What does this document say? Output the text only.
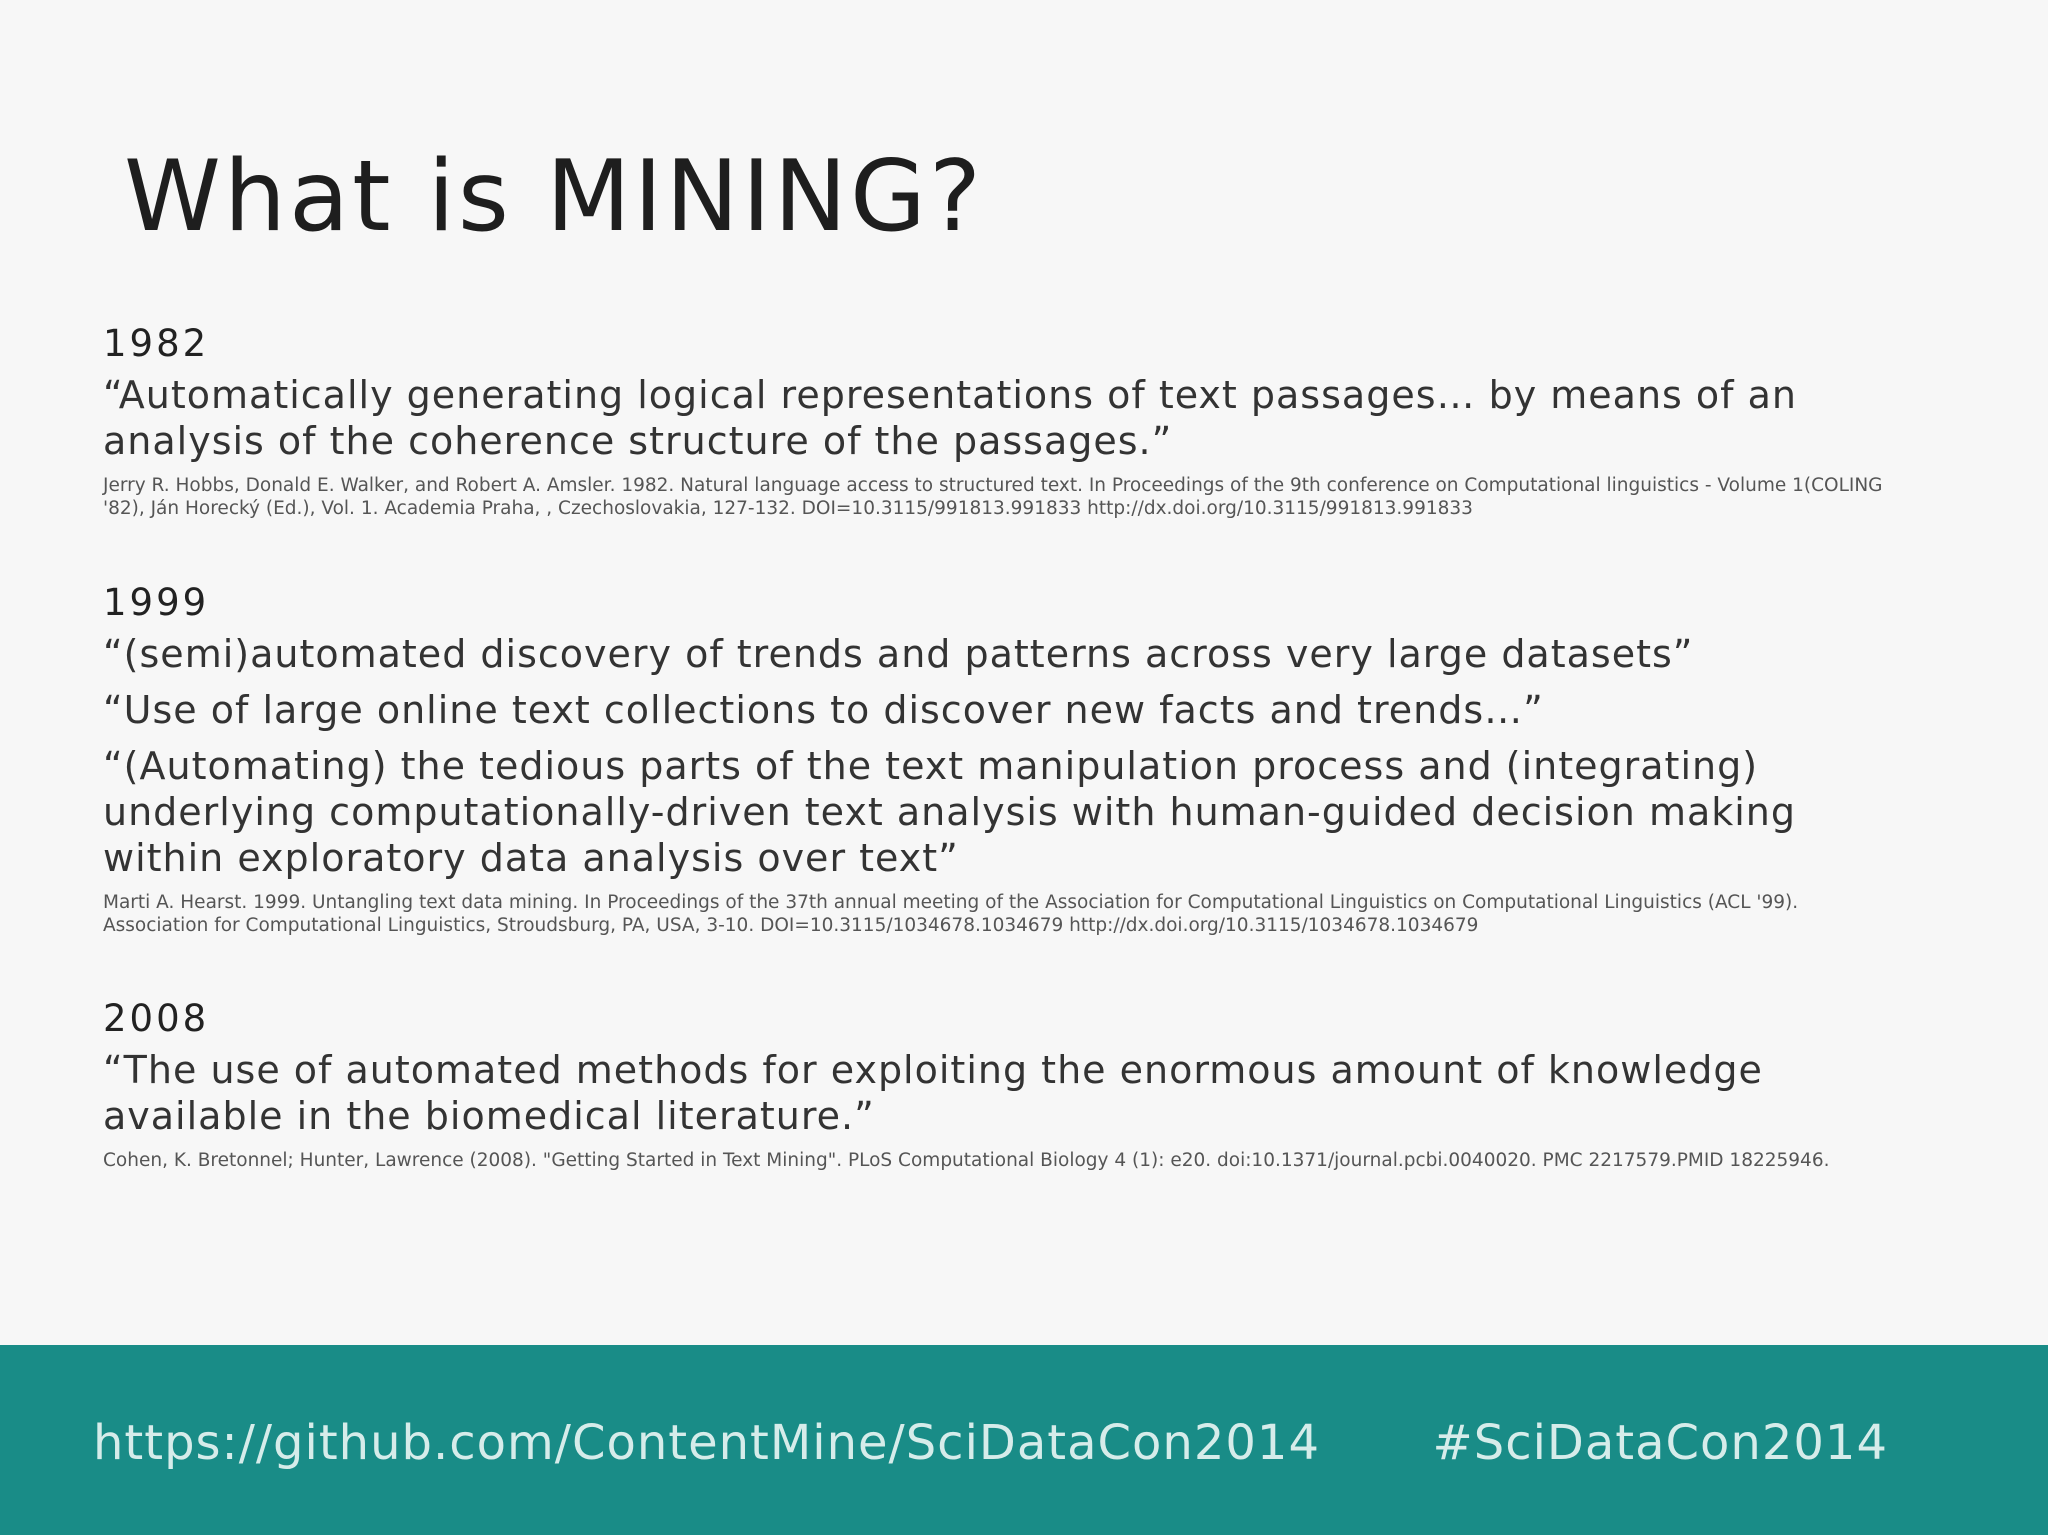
What is MINING?

1982

“Automatically generating logical representations of text passages… by means of an analysis of the coherence structure of the passages.”

Jerry R. Hobbs, Donald E. Walker, and Robert A. Amsler. 1982. Natural language access to structured text. In Proceedings of the 9th conference on Computational linguistics - Volume 1(COLING '82), Ján Horecký (Ed.), Vol. 1. Academia Praha, , Czechoslovakia, 127-132. DOI=10.3115/991813.991833 http://dx.doi.org/10.3115/991813.991833

1999

“(semi)automated discovery of trends and patterns across very large datasets”

“Use of large online text collections to discover new facts and trends…”

“(Automating) the tedious parts of the text manipulation process and (integrating) underlying computationally-driven text analysis with human-guided decision making within exploratory data analysis over text”

Marti A. Hearst. 1999. Untangling text data mining. In Proceedings of the 37th annual meeting of the Association for Computational Linguistics on Computational Linguistics (ACL '99). Association for Computational Linguistics, Stroudsburg, PA, USA, 3-10. DOI=10.3115/1034678.1034679 http://dx.doi.org/10.3115/1034678.1034679

2008

“The use of automated methods for exploiting the enormous amount of knowledge available in the biomedical literature.”

Cohen, K. Bretonnel; Hunter, Lawrence (2008). "Getting Started in Text Mining". PLoS Computational Biology 4 (1): e20. doi:10.1371/journal.pcbi.0040020. PMC 2217579.PMID 18225946.

https://github.com/ContentMine/SciDataCon2014 #SciDataCon2014
